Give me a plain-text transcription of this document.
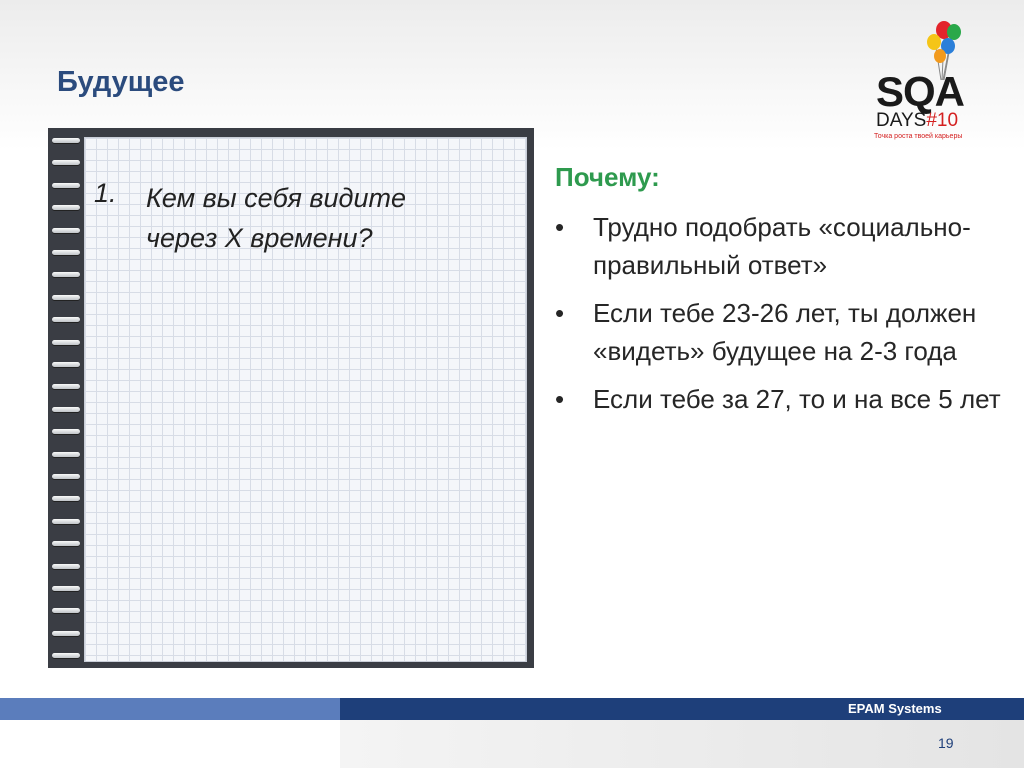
Будущее	SQA
DAYS#10
Точка роста твоей карьеры
1. Кем вы себя видите через X времени?
Почему:
• Трудно подобрать «социально-правильный ответ»
• Если тебе 23-26 лет, ты должен «видеть» будущее на 2-3 года
• Если тебе за 27, то и на все 5 лет
EPAM Systems
19
